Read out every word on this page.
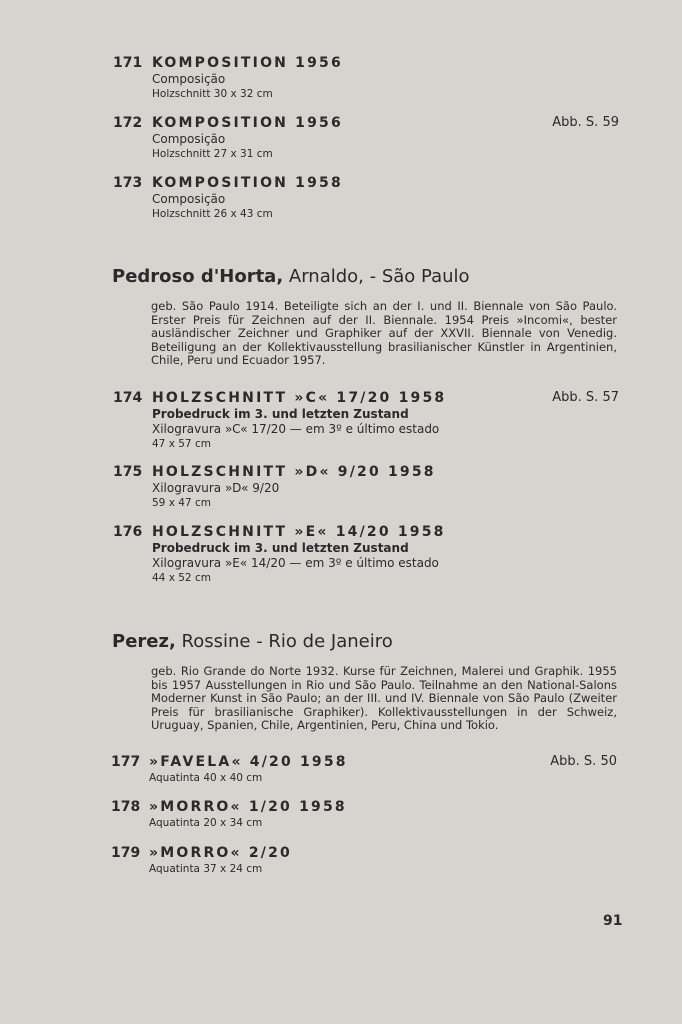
171 KOMPOSITION 1956
Composição
Holzschnitt 30 x 32 cm
172 KOMPOSITION 1956	Abb. S. 59
Composição
Holzschnitt 27 x 31 cm
173 KOMPOSITION 1958
Composição
Holzschnitt 26 x 43 cm
Pedroso d'Horta, Arnaldo, - São Paulo
geb. São Paulo 1914. Beteiligte sich an der I. und II. Biennale von São Paulo. Erster Preis für Zeichnen auf der II. Biennale. 1954 Preis »Incomi«, bester ausländischer Zeichner und Graphiker auf der XXVII. Biennale von Venedig. Beteiligung an der Kollektivausstellung brasilianischer Künstler in Argentinien, Chile, Peru und Ecuador 1957.
174 HOLZSCHNITT »C« 17/20 1958	Abb. S. 57
Probedruck im 3. und letzten Zustand
Xilogravura »C« 17/20 — em 3º e último estado
47 x 57 cm
175 HOLZSCHNITT »D« 9/20 1958
Xilogravura »D« 9/20
59 x 47 cm
176 HOLZSCHNITT »E« 14/20 1958
Probedruck im 3. und letzten Zustand
Xilogravura »E« 14/20 — em 3º e último estado
44 x 52 cm
Perez, Rossine - Rio de Janeiro
geb. Rio Grande do Norte 1932. Kurse für Zeichnen, Malerei und Graphik. 1955 bis 1957 Ausstellungen in Rio und São Paulo. Teilnahme an den National-Salons Moderner Kunst in São Paulo; an der III. und IV. Biennale von São Paulo (Zweiter Preis für brasilianische Graphiker). Kollektivausstellungen in der Schweiz, Uruguay, Spanien, Chile, Argentinien, Peru, China und Tokio.
177 »FAVELA« 4/20 1958	Abb. S. 50
Aquatinta 40 x 40 cm
178 »MORRO« 1/20 1958
Aquatinta 20 x 34 cm
179 »MORRO« 2/20
Aquatinta 37 x 24 cm
91
